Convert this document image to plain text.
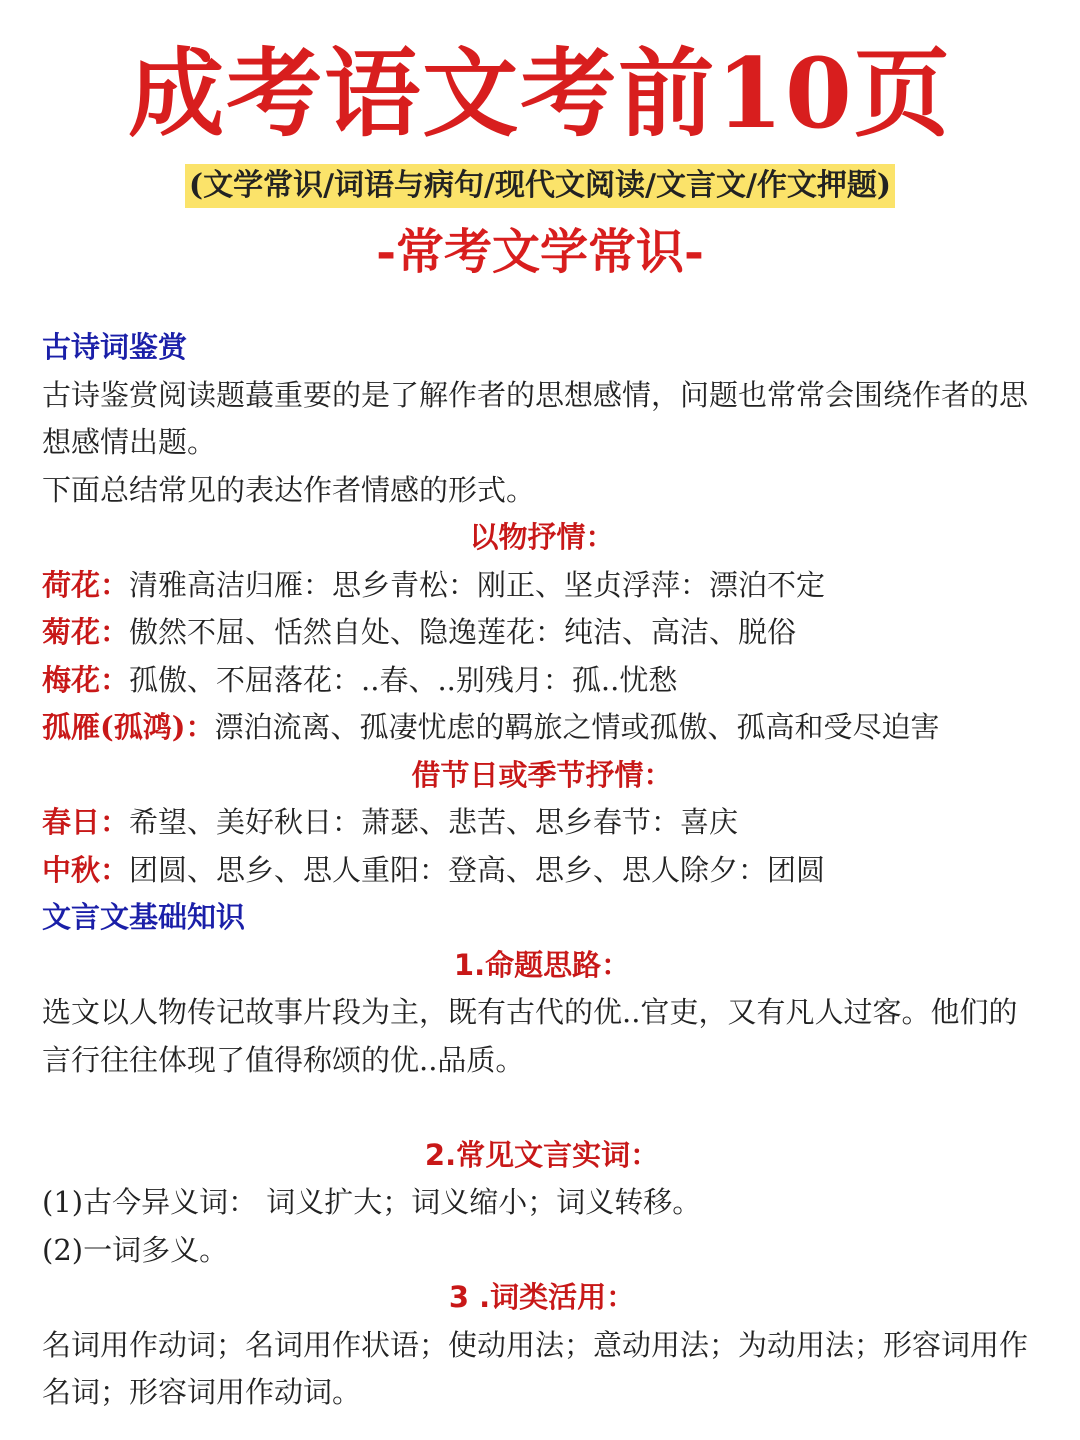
成考语文考前10页
(文学常识/词语与病句/现代文阅读/文言文/作文押题)
-常考文学常识-
古诗词鉴赏
古诗鉴赏阅读题蕞重要的是了解作者的思想感情，问题也常常会围绕作者的思想感情出题。
下面总结常见的表达作者情感的形式。
以物抒情：
荷花：清雅高洁归雁：思乡青松：刚正、坚贞浮萍：漂泊不定
菊花：傲然不屈、恬然自处、隐逸莲花：纯洁、高洁、脱俗
梅花：孤傲、不屈落花：..春、..别残月：孤..忧愁
孤雁(孤鸿)：漂泊流离、孤凄忧虑的羁旅之情或孤傲、孤高和受尽迫害
借节日或季节抒情：
春日：希望、美好秋日：萧瑟、悲苦、思乡春节：喜庆
中秋：团圆、思乡、思人重阳：登高、思乡、思人除夕：团圆
文言文基础知识
1.命题思路：
选文以人物传记故事片段为主，既有古代的优..官吏，又有凡人过客。他们的言行往往体现了值得称颂的优..品质。
2.常见文言实词：
(1)古今异义词： 词义扩大；词义缩小；词义转移。
(2)一词多义。
3 .词类活用：
名词用作动词；名词用作状语；使动用法；意动用法；为动用法；形容词用作名词；形容词用作动词。
